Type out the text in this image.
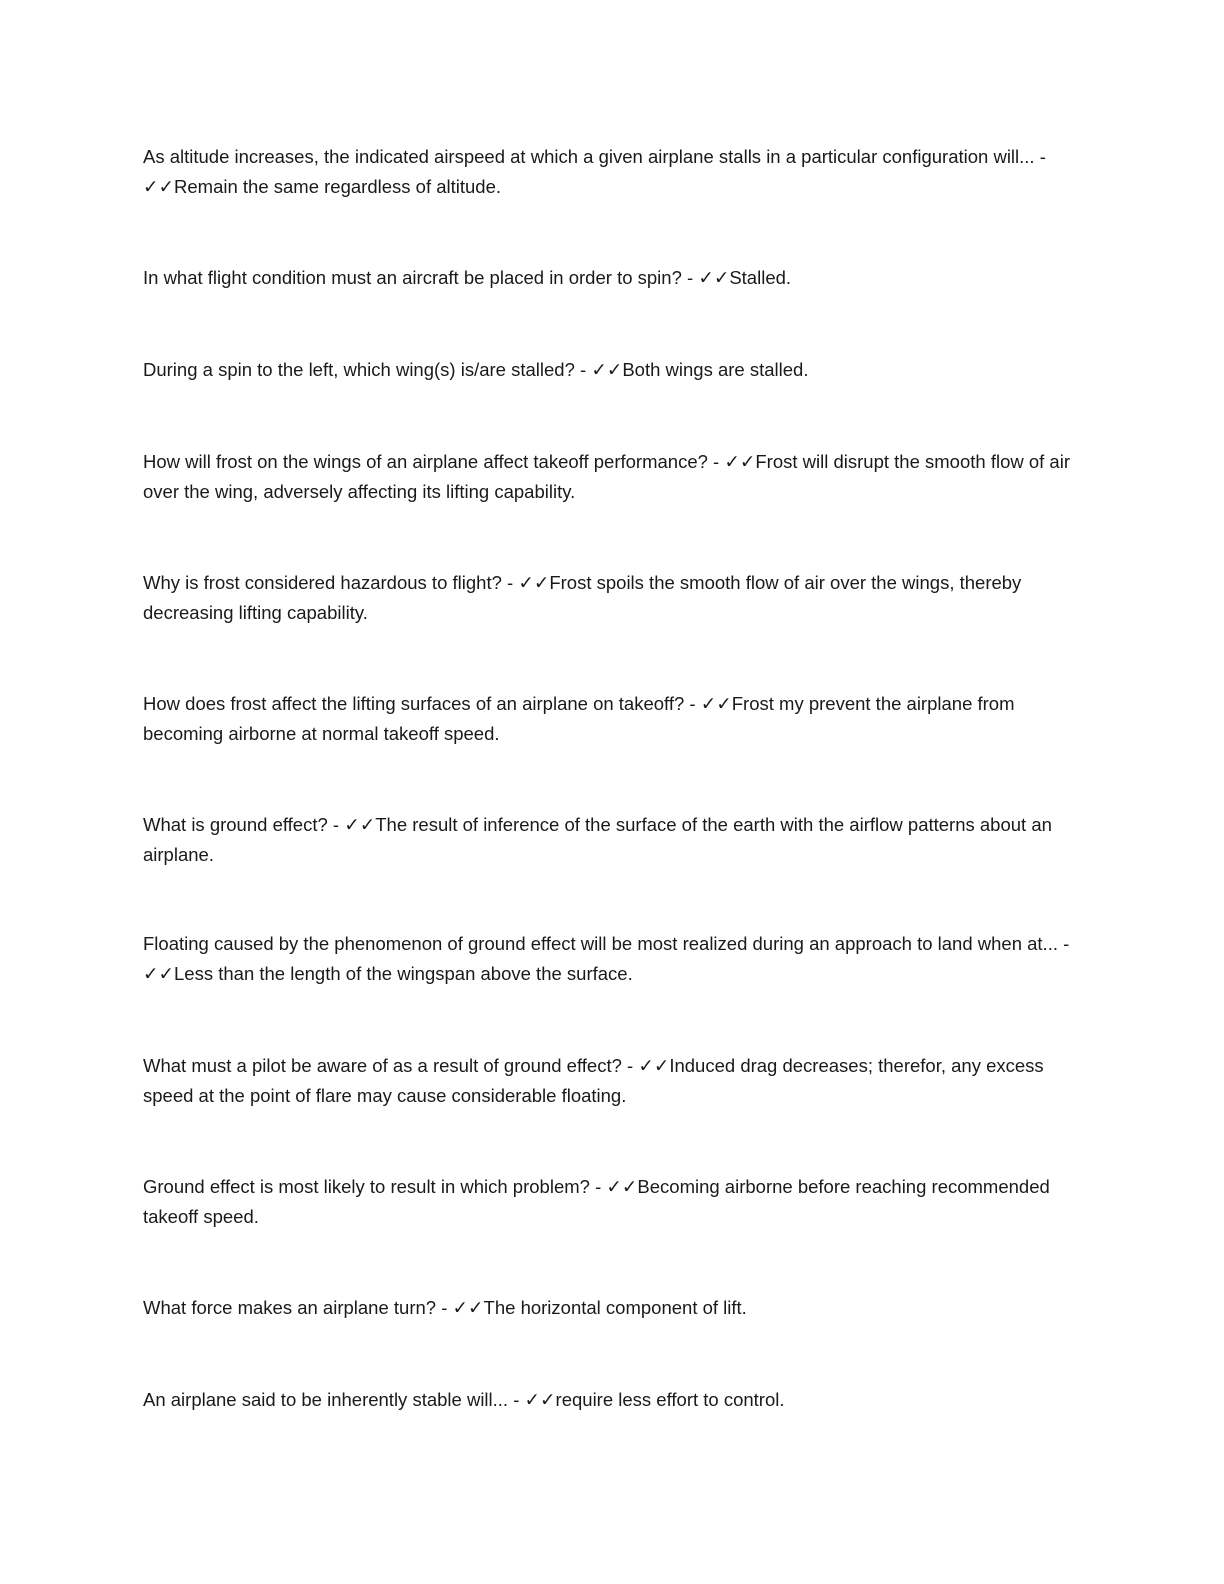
As altitude increases, the indicated airspeed at which a given airplane stalls in a particular configuration will... - ✓✓Remain the same regardless of altitude.

In what flight condition must an aircraft be placed in order to spin? - ✓✓Stalled.

During a spin to the left, which wing(s) is/are stalled? - ✓✓Both wings are stalled.

How will frost on the wings of an airplane affect takeoff performance? - ✓✓Frost will disrupt the smooth flow of air over the wing, adversely affecting its lifting capability.

Why is frost considered hazardous to flight? - ✓✓Frost spoils the smooth flow of air over the wings, thereby decreasing lifting capability.

How does frost affect the lifting surfaces of an airplane on takeoff? - ✓✓Frost my prevent the airplane from becoming airborne at normal takeoff speed.

What is ground effect? - ✓✓The result of inference of the surface of the earth with the airflow patterns about an airplane.

Floating caused by the phenomenon of ground effect will be most realized during an approach to land when at... - ✓✓Less than the length of the wingspan above the surface.

What must a pilot be aware of as a result of ground effect? - ✓✓Induced drag decreases; therefor, any excess speed at the point of flare may cause considerable floating.

Ground effect is most likely to result in which problem? - ✓✓Becoming airborne before reaching recommended takeoff speed.

What force makes an airplane turn? - ✓✓The horizontal component of lift.

An airplane said to be inherently stable will... - ✓✓require less effort to control.
